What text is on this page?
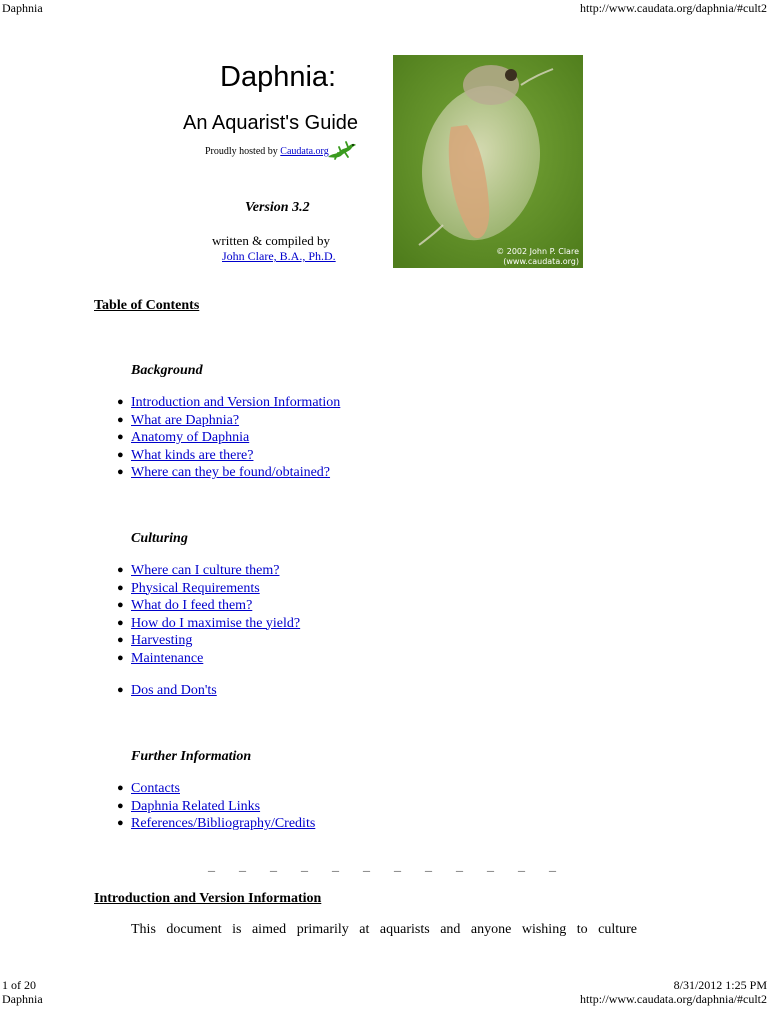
Daphnia	http://www.caudata.org/daphnia/#cult2
Daphnia:
An Aquarist's Guide
Proudly hosted by Caudata.org
Version 3.2
written & compiled by
John Clare, B.A., Ph.D.	© 2002 John P. Clare
(www.caudata.org)
Table of Contents
Background
● Introduction and Version Information
● What are Daphnia?
● Anatomy of Daphnia
● What kinds are there?
● Where can they be found/obtained?
Culturing
● Where can I culture them?
● Physical Requirements
● What do I feed them?
● How do I maximise the yield?
● Harvesting
● Maintenance
● Dos and Don'ts
Further Information
● Contacts
● Daphnia Related Links
● References/Bibliography/Credits
_ _ _ _ _ _ _ _ _ _ _ _
Introduction and Version Information
This document is aimed primarily at aquarists and anyone wishing to culture
1 of 20	8/31/2012 1:25 PM
Daphnia	http://www.caudata.org/daphnia/#cult2
